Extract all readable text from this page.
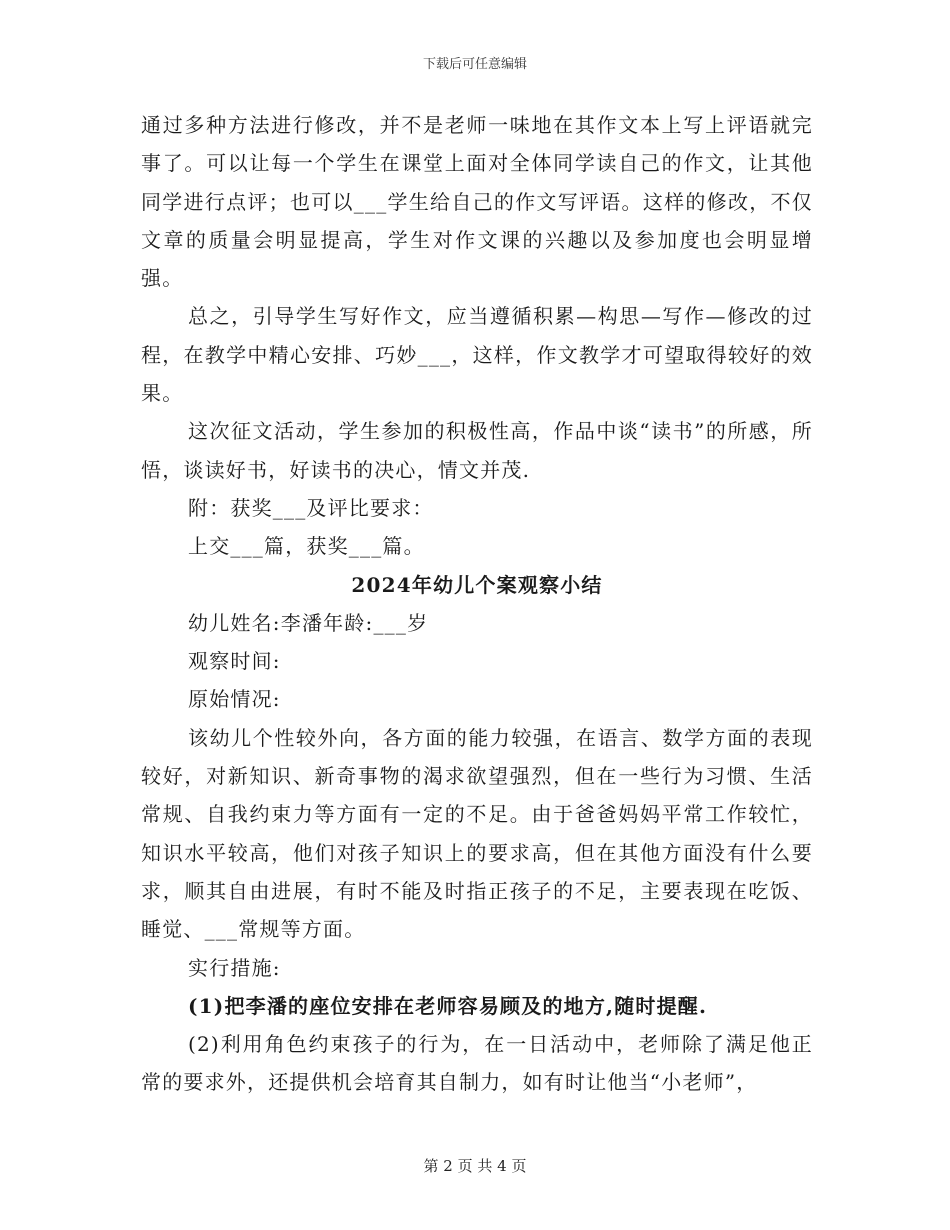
下载后可任意编辑

通过多种方法进行修改，并不是老师一味地在其作文本上写上评语就完事了。可以让每一个学生在课堂上面对全体同学读自己的作文，让其他同学进行点评；也可以___学生给自己的作文写评语。这样的修改，不仅文章的质量会明显提高，学生对作文课的兴趣以及参加度也会明显增强。

总之，引导学生写好作文，应当遵循积累—构思—写作—修改的过程，在教学中精心安排、巧妙___，这样，作文教学才可望取得较好的效果。

这次征文活动，学生参加的积极性高，作品中谈“读书”的所感，所悟，谈读好书，好读书的决心，情文并茂.

附：获奖___及评比要求：

上交___篇，获奖___篇。

2024年幼儿个案观察小结

幼儿姓名:李潘年龄:___岁

观察时间:

原始情况:

该幼儿个性较外向，各方面的能力较强，在语言、数学方面的表现较好，对新知识、新奇事物的渴求欲望强烈，但在一些行为习惯、生活常规、自我约束力等方面有一定的不足。由于爸爸妈妈平常工作较忙，知识水平较高，他们对孩子知识上的要求高，但在其他方面没有什么要求，顺其自由进展，有时不能及时指正孩子的不足，主要表现在吃饭、睡觉、___常规等方面。

实行措施:

(1)把李潘的座位安排在老师容易顾及的地方,随时提醒.

(2)利用角色约束孩子的行为，在一日活动中，老师除了满足他正常的要求外，还提供机会培育其自制力，如有时让他当“小老师”，

第 2 页 共 4 页
